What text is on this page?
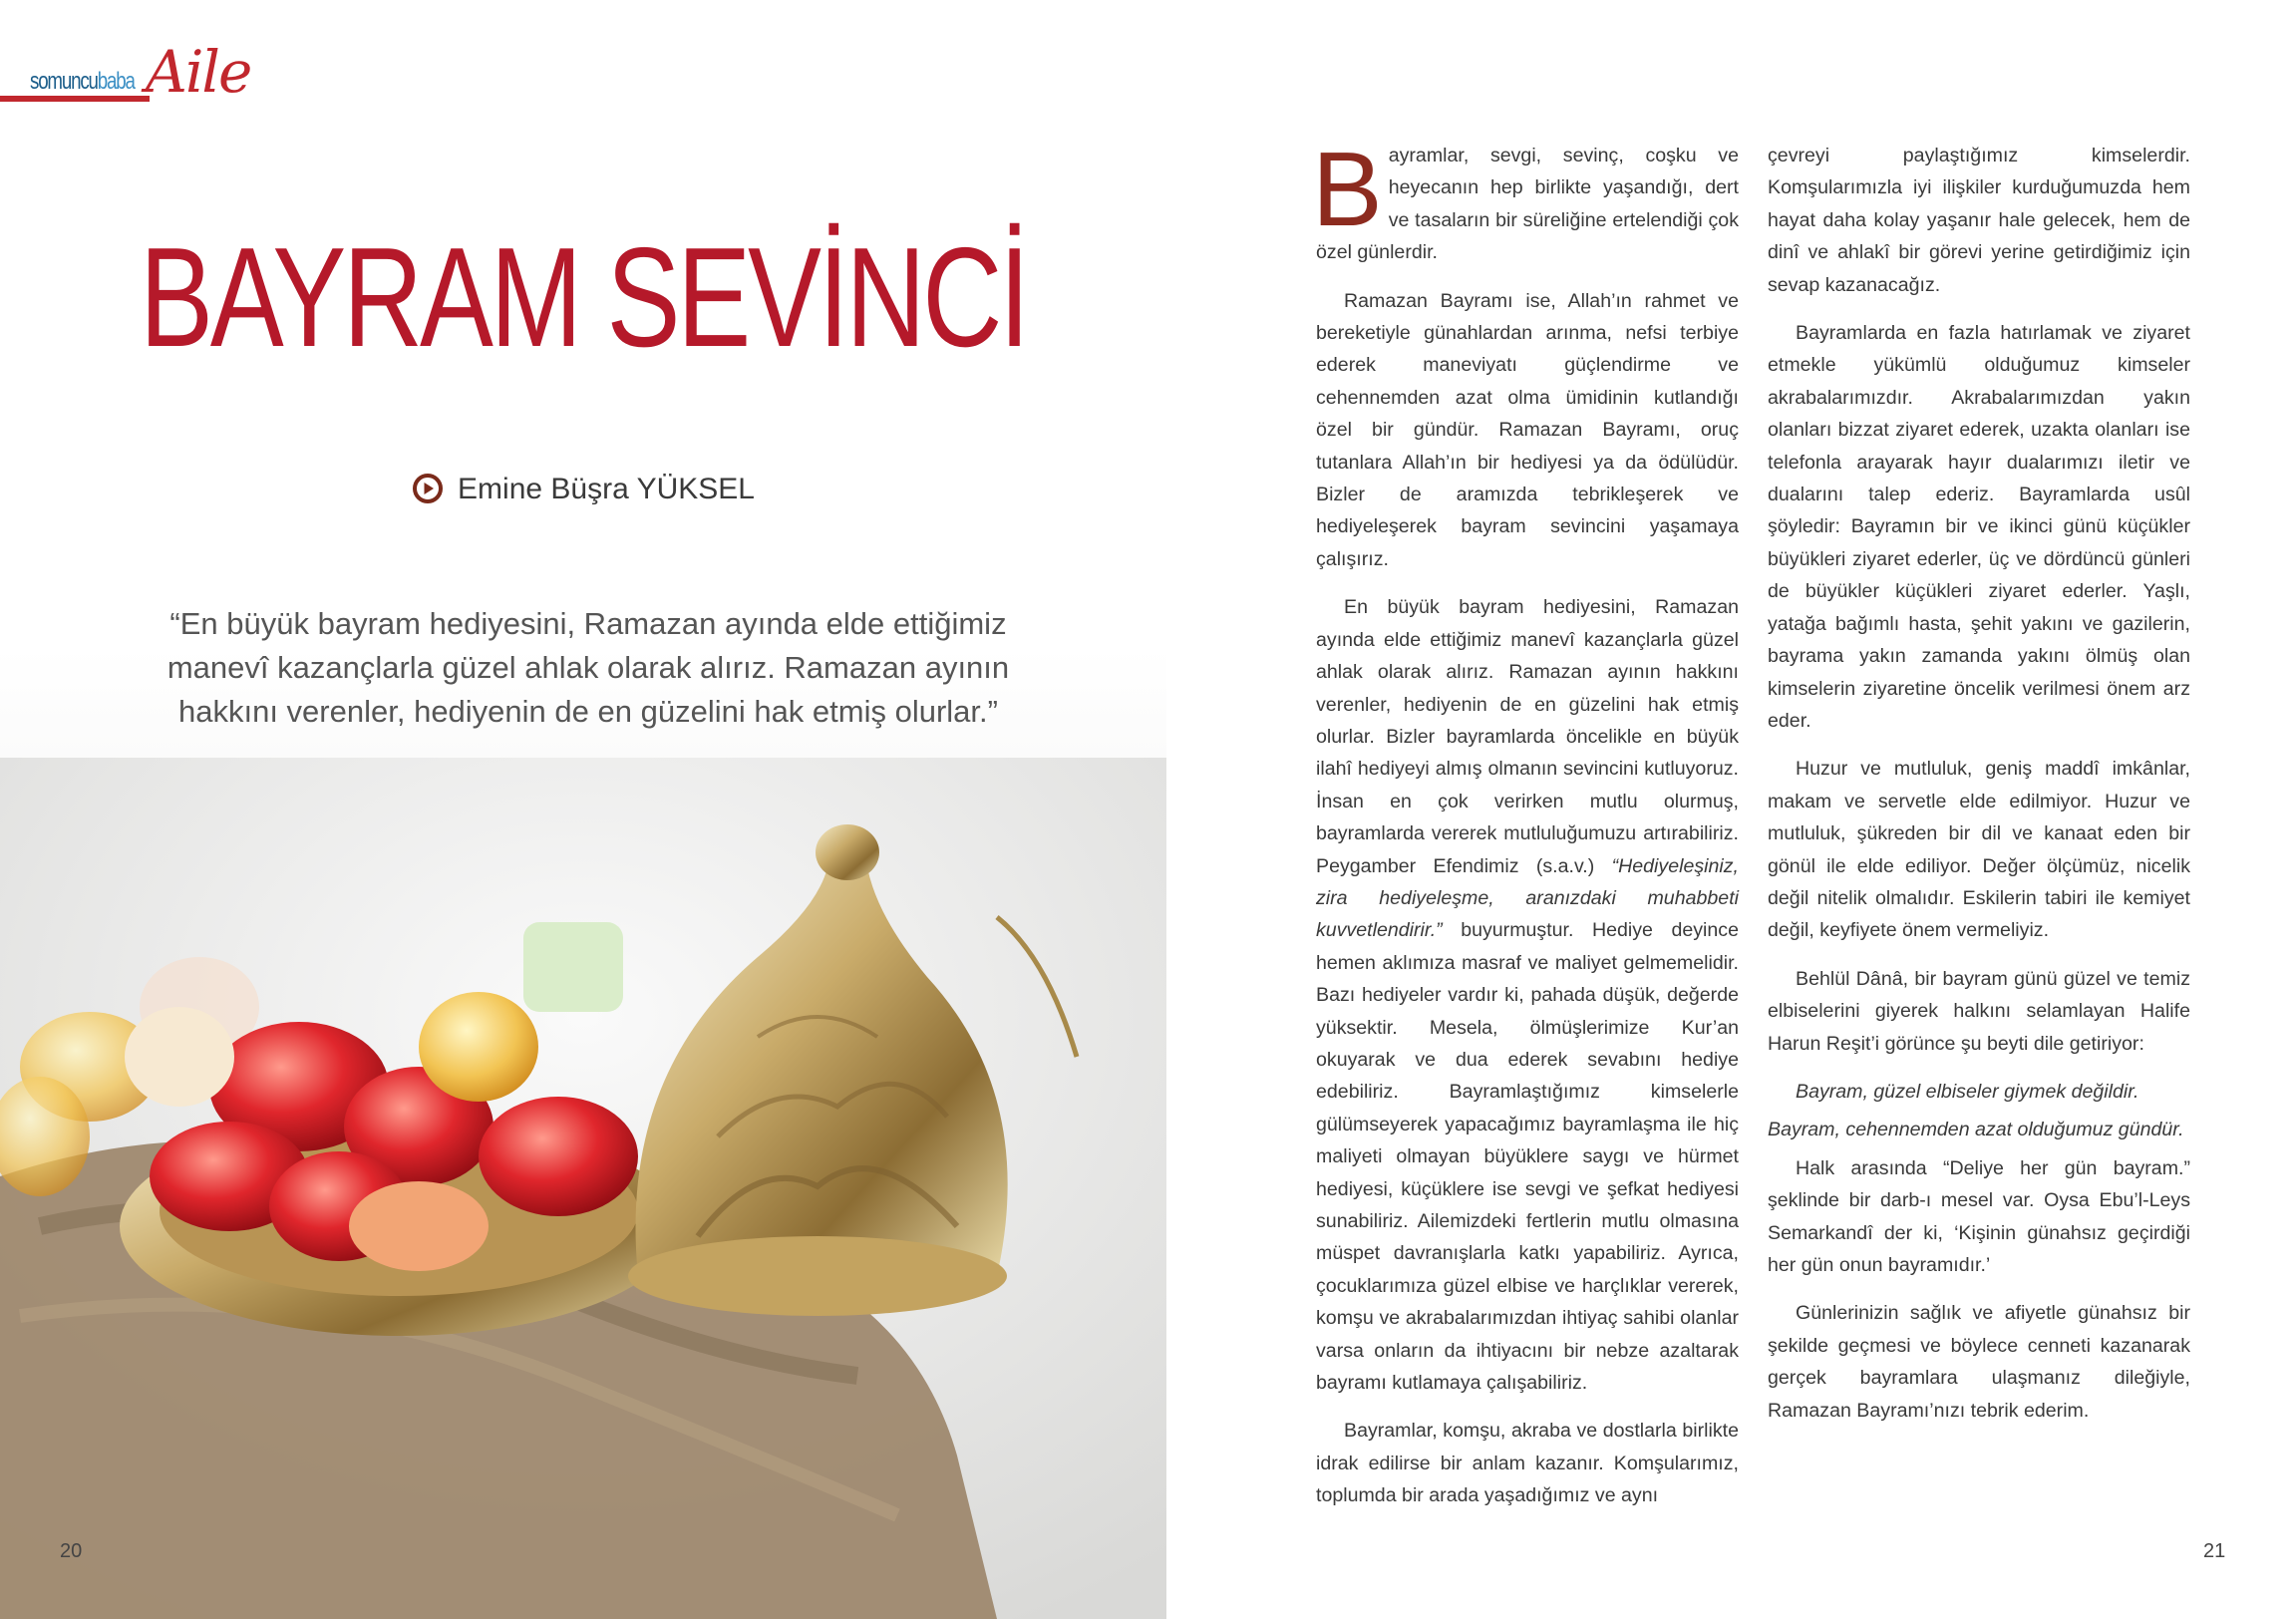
somuncubaba Aile
BAYRAM SEVİNCİ
Emine Büşra YÜKSEL
“En büyük bayram hediyesini, Ramazan ayında elde ettiğimiz manevî kazançlarla güzel ahlak olarak alırız. Ramazan ayının hakkını verenler, hediyenin de en güzelini hak etmiş olurlar.”
20

Bayramlar, sevgi, sevinç, coşku ve heyecanın hep birlikte yaşandığı, dert ve tasaların bir süreliğine ertelendiği çok özel günlerdir.

Ramazan Bayramı ise, Allah’ın rahmet ve bereketiyle günahlardan arınma, nefsi terbiye ederek maneviyatı güçlendirme ve cehennemden azat olma ümidinin kutlandığı özel bir gündür. Ramazan Bayramı, oruç tutanlara Allah’ın bir hediyesi ya da ödülüdür. Bizler de aramızda tebrikleşerek ve hediyeleşerek bayram sevincini yaşamaya çalışırız.

En büyük bayram hediyesini, Ramazan ayında elde ettiğimiz manevî kazançlarla güzel ahlak olarak alırız. Ramazan ayının hakkını verenler, hediyenin de en güzelini hak etmiş olurlar. Bizler bayramlarda öncelikle en büyük ilahî hediyeyi almış olmanın sevincini kutluyoruz. İnsan en çok verirken mutlu olurmuş, bayramlarda vererek mutluluğumuzu artırabiliriz. Peygamber Efendimiz (s.a.v.) “Hediyeleşiniz, zira hediyeleşme, aranızdaki muhabbeti kuvvetlendirir.” buyurmuştur. Hediye deyince hemen aklımıza masraf ve maliyet gelmemelidir. Bazı hediyeler vardır ki, pahada düşük, değerde yüksektir. Mesela, ölmüşlerimize Kur’an okuyarak ve dua ederek sevabını hediye edebiliriz. Bayramlaştığımız kimselerle gülümseyerek yapacağımız bayramlaşma ile hiç maliyeti olmayan büyüklere saygı ve hürmet hediyesi, küçüklere ise sevgi ve şefkat hediyesi sunabiliriz. Ailemizdeki fertlerin mutlu olmasına müspet davranışlarla katkı yapabiliriz. Ayrıca, çocuklarımıza güzel elbise ve harçlıklar vererek, komşu ve akrabalarımızdan ihtiyaç sahibi olanlar varsa onların da ihtiyacını bir nebze azaltarak bayramı kutlamaya çalışabiliriz.

Bayramlar, komşu, akraba ve dostlarla birlikte idrak edilirse bir anlam kazanır. Komşularımız, toplumda bir arada yaşadığımız ve aynı

çevreyi paylaştığımız kimselerdir. Komşularımızla iyi ilişkiler kurduğumuzda hem hayat daha kolay yaşanır hale gelecek, hem de dinî ve ahlakî bir görevi yerine getirdiğimiz için sevap kazanacağız.

Bayramlarda en fazla hatırlamak ve ziyaret etmekle yükümlü olduğumuz kimseler akrabalarımızdır. Akrabalarımızdan yakın olanları bizzat ziyaret ederek, uzakta olanları ise telefonla arayarak hayır dualarımızı iletir ve dualarını talep ederiz. Bayramlarda usûl şöyledir: Bayramın bir ve ikinci günü küçükler büyükleri ziyaret ederler, üç ve dördüncü günleri de büyükler küçükleri ziyaret ederler. Yaşlı, yatağa bağımlı hasta, şehit yakını ve gazilerin, bayrama yakın zamanda yakını ölmüş olan kimselerin ziyaretine öncelik verilmesi önem arz eder.

Huzur ve mutluluk, geniş maddî imkânlar, makam ve servetle elde edilmiyor. Huzur ve mutluluk, şükreden bir dil ve kanaat eden bir gönül ile elde ediliyor. Değer ölçümüz, nicelik değil nitelik olmalıdır. Eskilerin tabiri ile kemiyet değil, keyfiyete önem vermeliyiz.

Behlül Dânâ, bir bayram günü güzel ve temiz elbiselerini giyerek halkını selamlayan Halife Harun Reşit’i görünce şu beyti dile getiriyor:

Bayram, güzel elbiseler giymek değildir.

Bayram, cehennemden azat olduğumuz gündür.

Halk arasında “Deliye her gün bayram.” şeklinde bir darb-ı mesel var. Oysa Ebu’l-Leys Semarkandî der ki, ‘Kişinin günahsız geçirdiği her gün onun bayramıdır.’

Günlerinizin sağlık ve afiyetle günahsız bir şekilde geçmesi ve böylece cenneti kazanarak gerçek bayramlara ulaşmanız dileğiyle, Ramazan Bayramı’nızı tebrik ederim.

21
